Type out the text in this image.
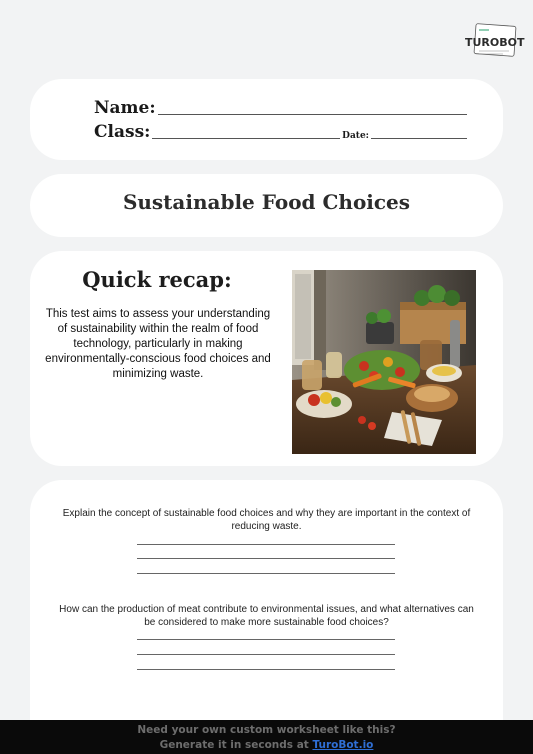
TUROBOT
Name:
Class:	Date:
Sustainable Food Choices
Quick recap:
This test aims to assess your understanding of sustainability within the realm of food technology, particularly in making environmentally-conscious food choices and minimizing waste.
Explain the concept of sustainable food choices and why they are important in the context of reducing waste.
How can the production of meat contribute to environmental issues, and what alternatives can be considered to make more sustainable food choices?
Need your own custom worksheet like this?
Generate it in seconds at TuroBot.io
